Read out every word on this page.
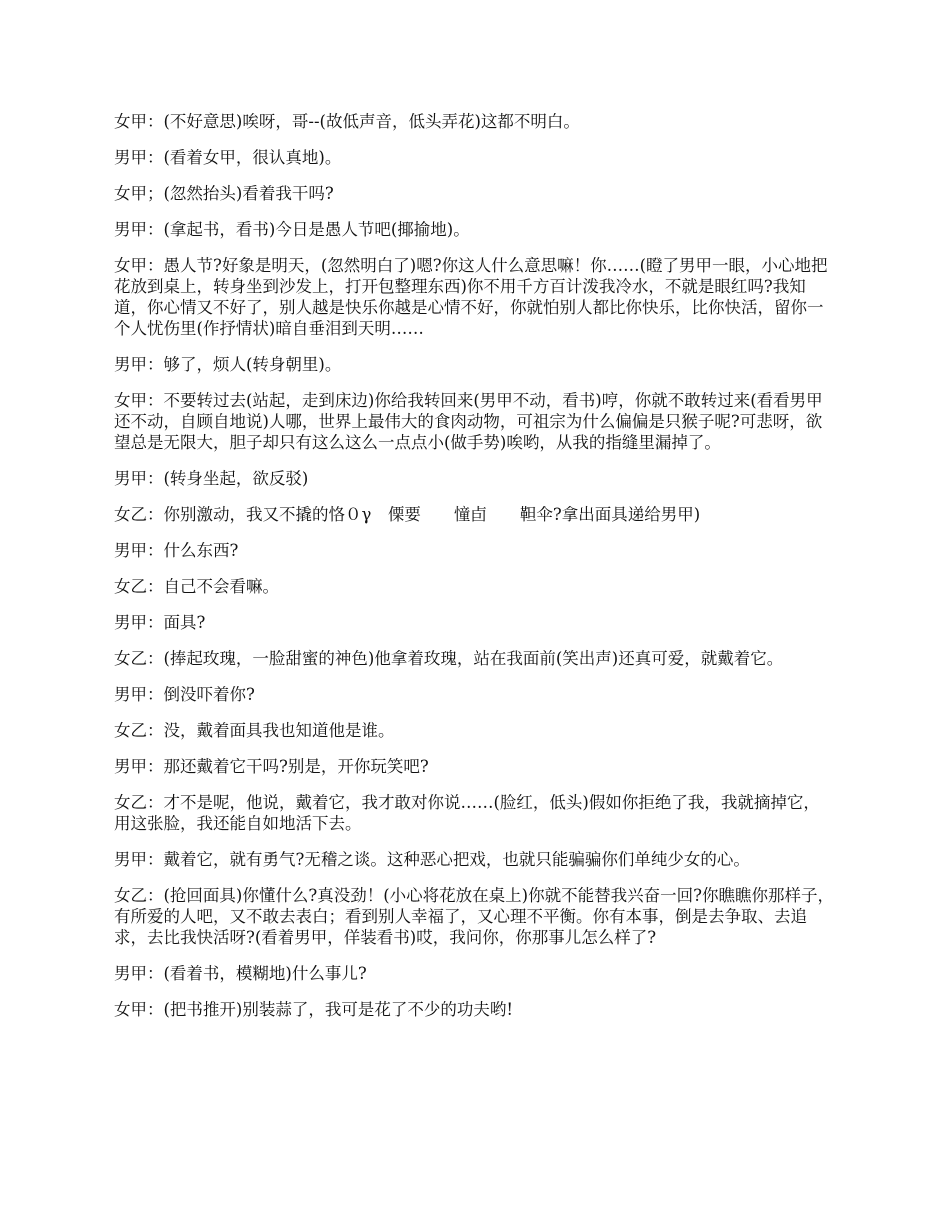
女甲：(不好意思)唉呀，哥--(故低声音，低头弄花)这都不明白。

男甲：(看着女甲，很认真地)。

女甲；(忽然抬头)看着我干吗?

男甲：(拿起书，看书)今日是愚人节吧(揶揄地)。

女甲：愚人节?好象是明天，(忽然明白了)嗯?你这人什么意思嘛！你……(瞪了男甲一眼，小心地把花放到桌上，转身坐到沙发上，打开包整理东西)你不用千方百计泼我冷水，不就是眼红吗?我知道，你心情又不好了，别人越是快乐你越是心情不好，你就怕别人都比你快乐，比你快活，留你一个人忧伤里(作抒情状)暗自垂泪到天明……

男甲：够了，烦人(转身朝里)。

女甲：不要转过去(站起，走到床边)你给我转回来(男甲不动，看书)哼，你就不敢转过来(看看男甲还不动，自顾自地说)人哪，世界上最伟大的食肉动物，可祖宗为什么偏偏是只猴子呢?可悲呀，欲望总是无限大，胆子却只有这么这么一点点小(做手势)唉哟，从我的指缝里漏掉了。

男甲：(转身坐起，欲反驳)

女乙：你别激动，我又不撬的恪０γ　傈要　　憧卣　　靼伞?拿出面具递给男甲)

男甲：什么东西?

女乙：自己不会看嘛。

男甲：面具?

女乙：(捧起玫瑰，一脸甜蜜的神色)他拿着玫瑰，站在我面前(笑出声)还真可爱，就戴着它。

男甲：倒没吓着你?

女乙：没，戴着面具我也知道他是谁。

男甲：那还戴着它干吗?别是，开你玩笑吧?

女乙：才不是呢，他说，戴着它，我才敢对你说……(脸红，低头)假如你拒绝了我，我就摘掉它，用这张脸，我还能自如地活下去。

男甲：戴着它，就有勇气?无稽之谈。这种恶心把戏，也就只能骗骗你们单纯少女的心。

女乙：(抢回面具)你懂什么?真没劲！(小心将花放在桌上)你就不能替我兴奋一回?你瞧瞧你那样子，有所爱的人吧，又不敢去表白；看到别人幸福了，又心理不平衡。你有本事，倒是去争取、去追求，去比我快活呀?(看着男甲，佯装看书)哎，我问你，你那事儿怎么样了?

男甲：(看着书，模糊地)什么事儿?

女甲：(把书推开)别装蒜了，我可是花了不少的功夫哟!
